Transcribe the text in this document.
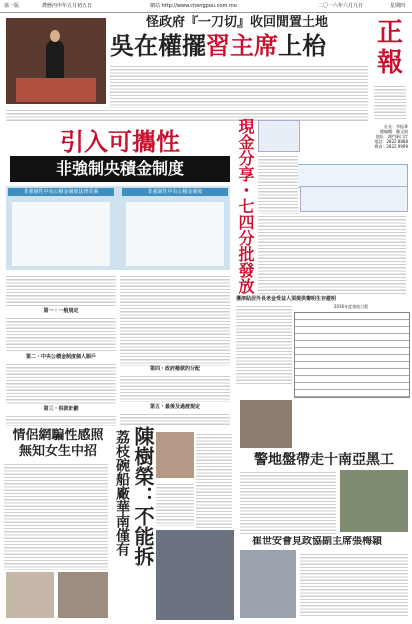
第一版	農曆丙申年五月初五日	網站 http://www.chengpou.com.mo	二〇一六年六月九日	星期四
怪政府『一刀切』收回閒置土地
吳在權擺習主席上枱	正報
社長：李振華
總編輯：陳文娟
地址：澳門新口岸
電話：2822 8888
傳真：2822 9999
引入可攜性
非強制央積金制度
非強制性中央公積金制度法律草案	非強制性中央公積金制度
第一・一般規定
第二・中央公積金制度個人賬戶
第三・供款計劃
第四・政府撥款的分配
第五・最後及過渡規定
現金分享・七四分批發放
獲津貼居外長老金受益人須提供聲明生存證明
2016年度發放日程
情侶網騙性感照
無知女生中招	荔枝碗船廠華南僅有 陳樹榮：不能拆	警地盤帶走十南亞黑工
崔世安會見政協副主席張梅穎
